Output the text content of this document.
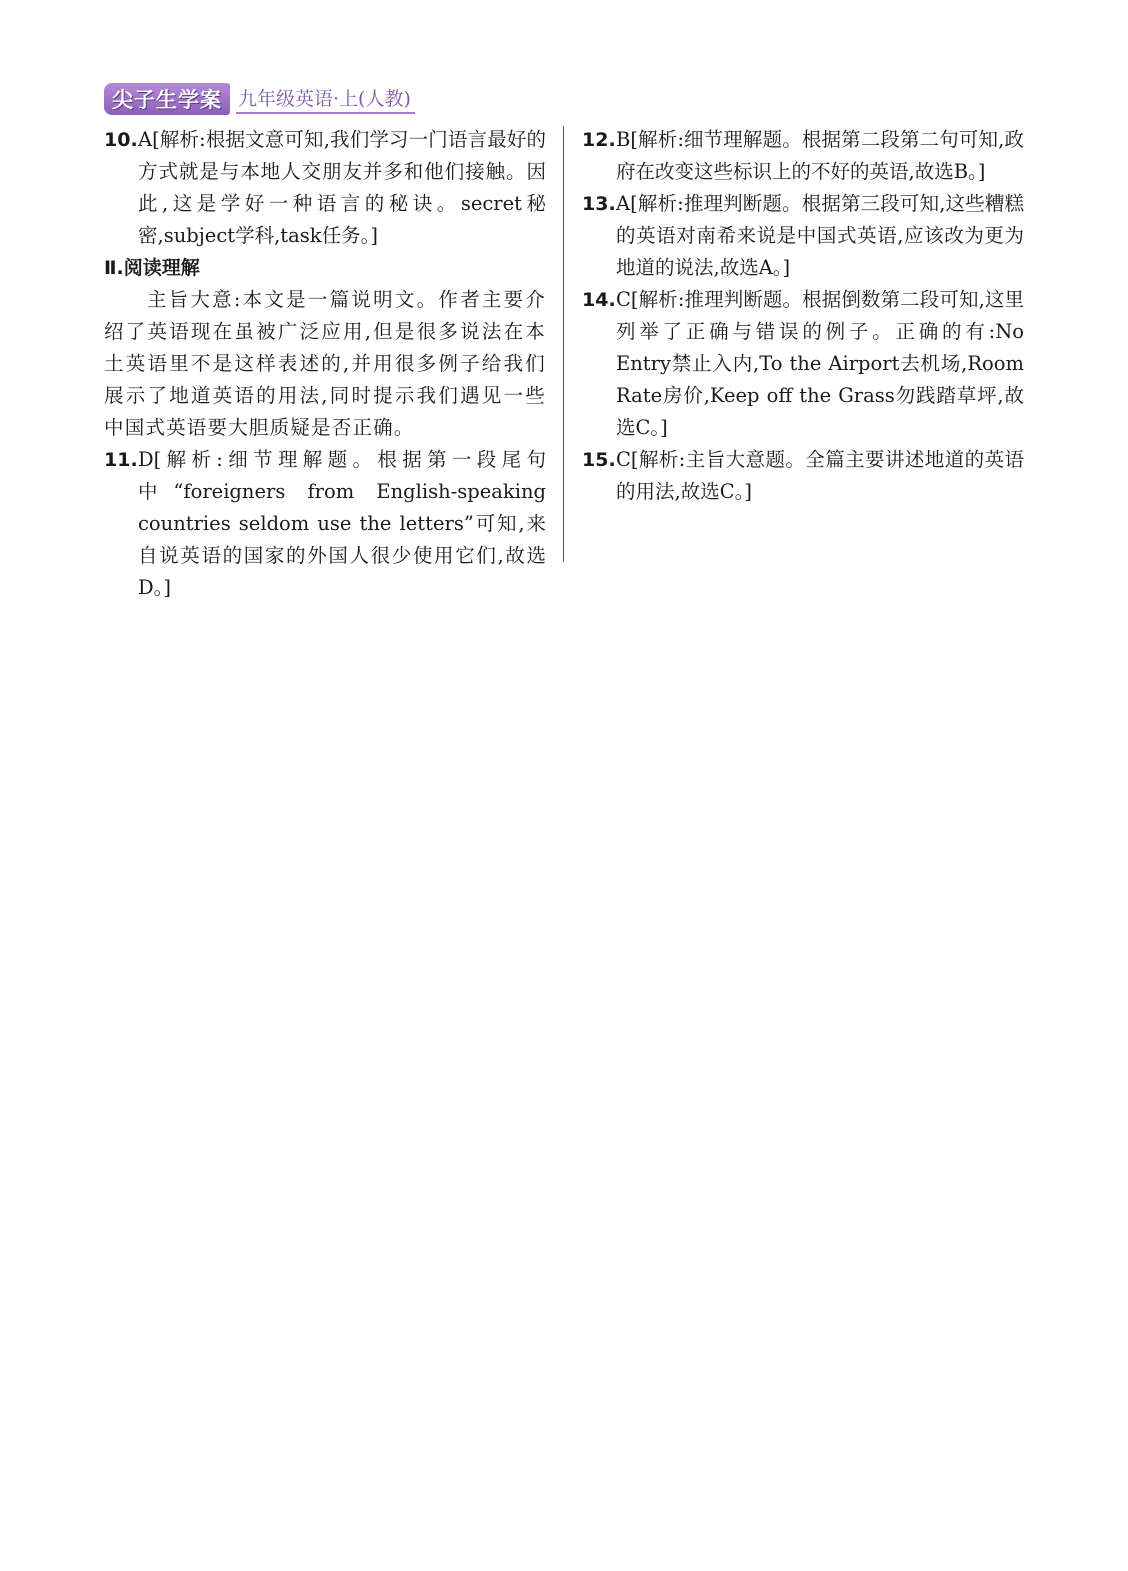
尖子生学案 九年级英语·上(人教)
10. A[解析:根据文意可知,我们学习一门语言最好的方式就是与本地人交朋友并多和他们接触。因此,这是学好一种语言的秘诀。secret秘密,subject学科,task任务。]
Ⅱ.阅读理解
主旨大意:本文是一篇说明文。作者主要介绍了英语现在虽被广泛应用,但是很多说法在本土英语里不是这样表述的,并用很多例子给我们展示了地道英语的用法,同时提示我们遇见一些中国式英语要大胆质疑是否正确。
11. D[解析:细节理解题。根据第一段尾句中“foreigners from English-speaking countries seldom use the letters”可知,来自说英语的国家的外国人很少使用它们,故选D。]
12. B[解析:细节理解题。根据第二段第二句可知,政府在改变这些标识上的不好的英语,故选B。]
13. A[解析:推理判断题。根据第三段可知,这些糟糕的英语对南希来说是中国式英语,应该改为更为地道的说法,故选A。]
14. C[解析:推理判断题。根据倒数第二段可知,这里列举了正确与错误的例子。正确的有:No Entry禁止入内,To the Airport去机场,Room Rate房价,Keep off the Grass勿践踏草坪,故选C。]
15. C[解析:主旨大意题。全篇主要讲述地道的英语的用法,故选C。]
